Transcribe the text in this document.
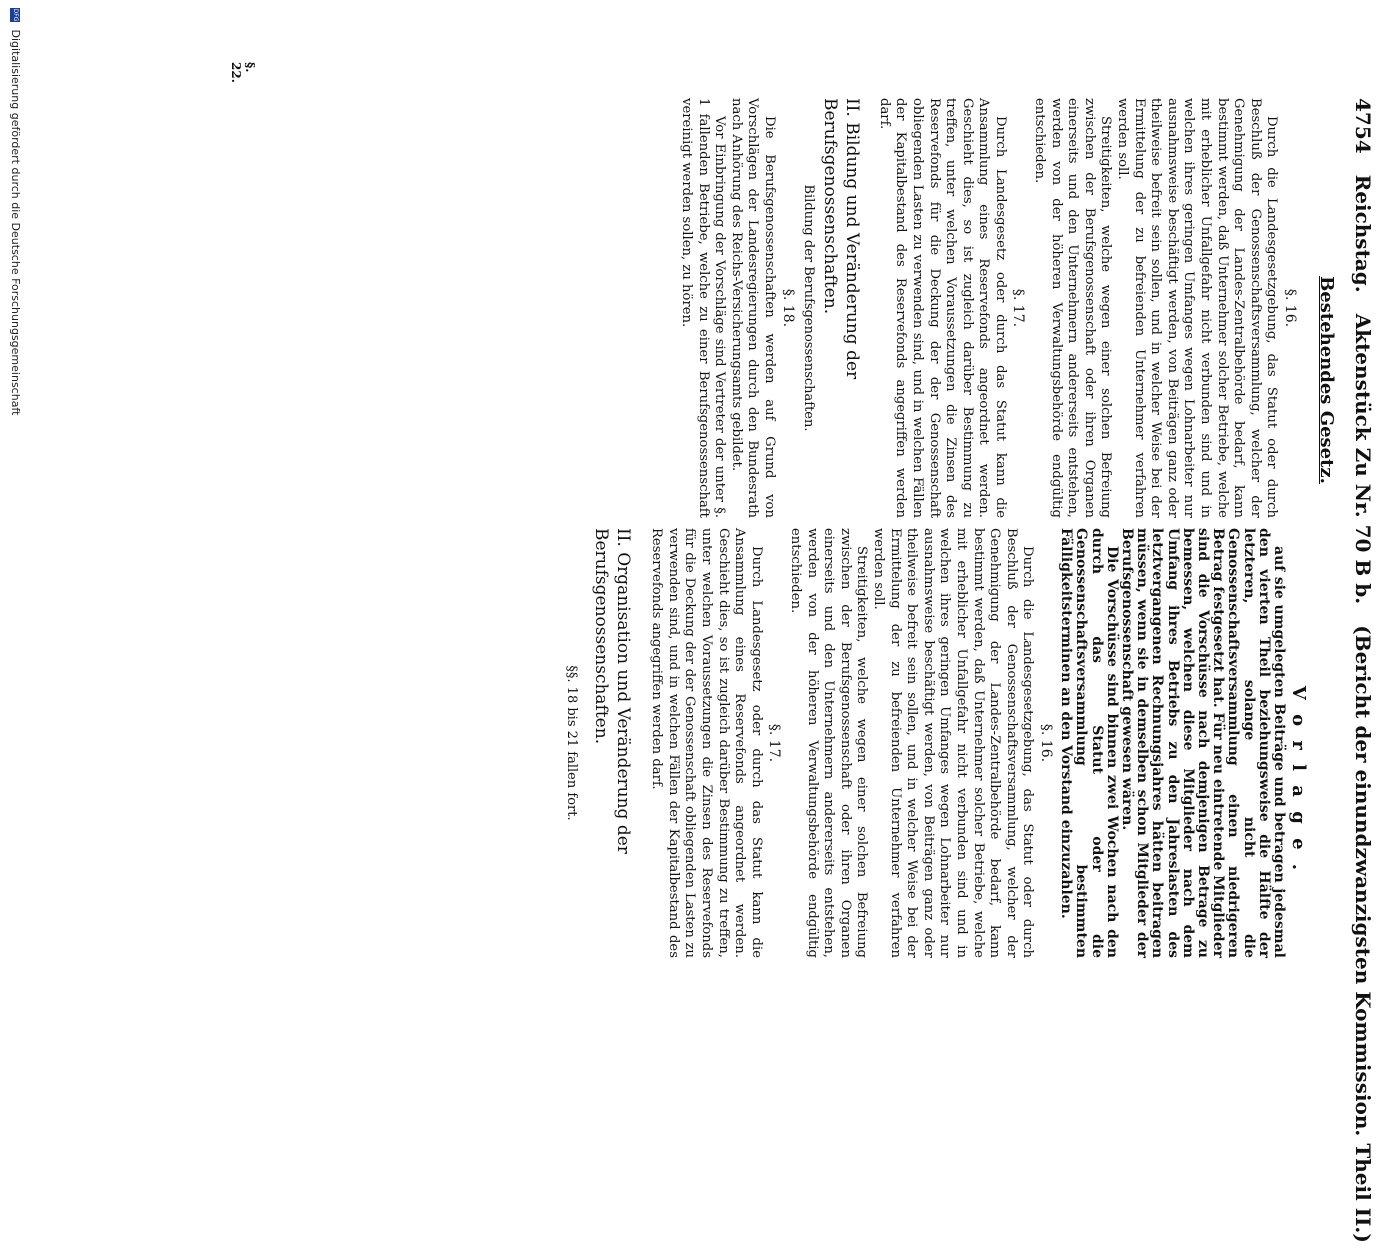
4754 Reichstag. Aktenstück Zu Nr. 70 B b. (Bericht der einundzwanzigsten Kommission. Theil II.)
Bestehendes Gesetz.
V o r l a g e .
§. 16.

Durch die Landesgesetzgebung, das Statut oder durch Beschluß der Genossenschaftsversammlung, welcher der Genehmigung der Landes-Zentralbehörde bedarf, kann bestimmt werden, daß Unternehmer solcher Betriebe, welche mit erheblicher Unfallgefahr nicht verbunden sind und in welchen ihres geringen Umfanges wegen Lohnarbeiter nur ausnahmsweise beschäftigt werden, von Beiträgen ganz oder theilweise befreit sein sollen, und in welcher Weise bei der Ermittelung der zu befreienden Unternehmer verfahren werden soll.

Streitigkeiten, welche wegen einer solchen Befreiung zwischen der Berufsgenossenschaft oder ihren Organen einerseits und den Unternehmern andererseits entstehen, werden von der höheren Verwaltungsbehörde endgültig entschieden.

§. 17.

Durch Landesgesetz oder durch das Statut kann die Ansammlung eines Reservefonds angeordnet werden. Geschieht dies, so ist zugleich darüber Bestimmung zu treffen, unter welchen Voraussetzungen die Zinsen des Reservefonds für die Deckung der der Genossenschaft obliegenden Lasten zu verwenden sind, und in welchen Fällen der Kapitalbestand des Reservefonds angegriffen werden darf.

II. Bildung und Veränderung der Berufsgenossenschaften.
Bildung der Berufsgenossenschaften.
§. 18.

Die Berufsgenossenschaften werden auf Grund von Vorschlägen der Landesregierungen durch den Bundesrath nach Anhörung des Reichs-Versicherungsamts gebildet.

Vor Einbringung der Vorschläge sind Vertreter der unter §. 1 fallenden Betriebe, welche zu einer Berufsgenossenschaft vereinigt werden sollen, zu hören.

§. 22.

auf sie umgelegten Beiträge und betragen jedesmal den vierten Theil beziehungsweise die Hälfte der letzteren, solange nicht die Genossenschaftsversammlung einen niedrigeren Betrag festgesetzt hat. Für neu eintretende Mitglieder sind die Vorschüsse nach demjenigen Betrage zu bemessen, welchen diese Mitglieder nach dem Umfang ihres Betriebs zu den Jahreslasten des letztvergangenen Rechnungsjahres hätten beitragen müssen, wenn sie in demselben schon Mitglieder der Berufsgenossenschaft gewesen wären.

Die Vorschüsse sind binnen zwei Wochen nach den durch das Statut oder die Genossenschaftsversammlung bestimmten Fälligkeitsterminen an den Vorstand einzuzahlen.

§. 16.

Durch die Landesgesetzgebung, das Statut oder durch Beschluß der Genossenschaftsversammlung, welcher der Genehmigung der Landes-Zentralbehörde bedarf, kann bestimmt werden, daß Unternehmer solcher Betriebe, welche mit erheblicher Unfallgefahr nicht verbunden sind und in welchen ihres geringen Umfanges wegen Lohnarbeiter nur ausnahmsweise beschäftigt werden, von Beiträgen ganz oder theilweise befreit sein sollen, und in welcher Weise bei der Ermittelung der zu befreienden Unternehmer verfahren werden soll.

Streitigkeiten, welche wegen einer solchen Befreiung zwischen der Berufsgenossenschaft oder ihren Organen einerseits und den Unternehmern andererseits entstehen, werden von der höheren Verwaltungsbehörde endgültig entschieden.

§. 17.

Durch Landesgesetz oder durch das Statut kann die Ansammlung eines Reservefonds angeordnet werden. Geschieht dies, so ist zugleich darüber Bestimmung zu treffen, unter welchen Voraussetzungen die Zinsen des Reservefonds für die Deckung der der Genossenschaft obliegenden Lasten zu verwenden sind, und in welchen Fällen der Kapitalbestand des Reservefonds angegriffen werden darf.

II. Organisation und Veränderung der Berufsgenossenschaften.
§§. 18 bis 21 fallen fort.
DFG Digitalisierung gefördert durch die Deutsche Forschungsgemeinschaft
